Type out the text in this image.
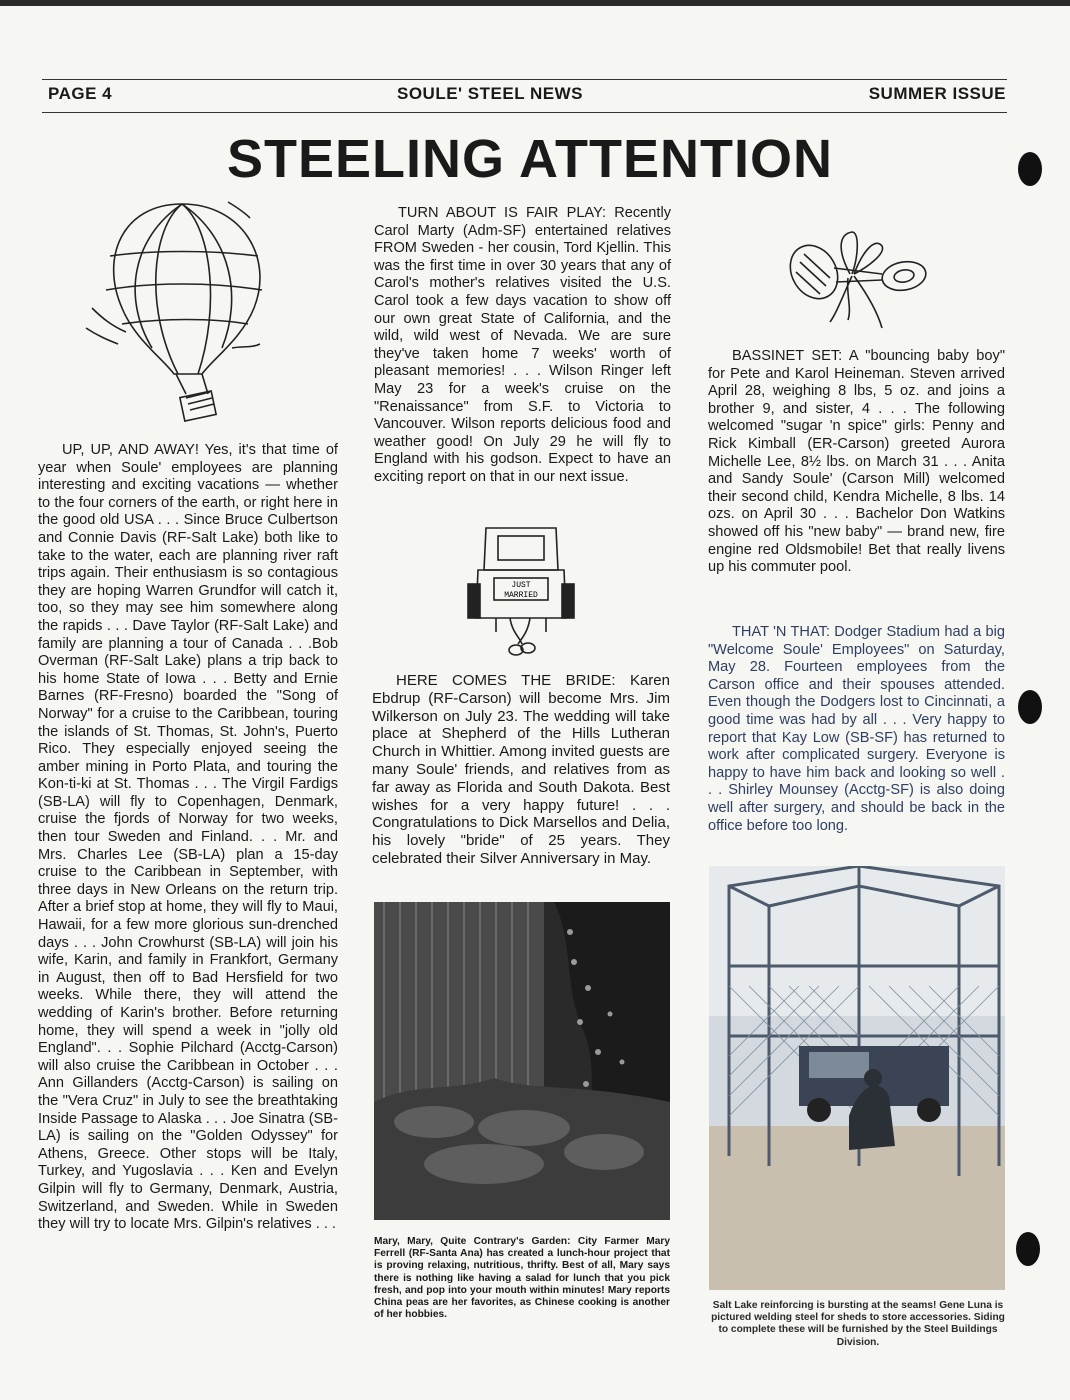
PAGE 4	SOULE' STEEL NEWS	SUMMER ISSUE
STEELING ATTENTION
JUST
MARRIED

UP, UP, AND AWAY! Yes, it's that time of year when Soule' employees are planning interesting and exciting vacations — whether to the four corners of the earth, or right here in the good old USA . . . Since Bruce Culbertson and Connie Davis (RF-Salt Lake) both like to take to the water, each are planning river raft trips again. Their enthusiasm is so contagious they are hoping Warren Grundfor will catch it, too, so they may see him somewhere along the rapids . . . Dave Taylor (RF-Salt Lake) and family are planning a tour of Canada . . .Bob Overman (RF-Salt Lake) plans a trip back to his home State of Iowa . . . Betty and Ernie Barnes (RF-Fresno) boarded the "Song of Norway" for a cruise to the Caribbean, touring the islands of St. Thomas, St. John's, Puerto Rico. They especially enjoyed seeing the amber mining in Porto Plata, and touring the Kon-ti-ki at St. Thomas . . . The Virgil Fardigs (SB-LA) will fly to Copenhagen, Denmark, cruise the fjords of Norway for two weeks, then tour Sweden and Finland. . . Mr. and Mrs. Charles Lee (SB-LA) plan a 15-day cruise to the Caribbean in September, with three days in New Orleans on the return trip. After a brief stop at home, they will fly to Maui, Hawaii, for a few more glorious sun-drenched days . . . John Crowhurst (SB-LA) will join his wife, Karin, and family in Frankfort, Germany in August, then off to Bad Hersfield for two weeks. While there, they will attend the wedding of Karin's brother. Before returning home, they will spend a week in "jolly old England". . . Sophie Pilchard (Acctg-Carson) will also cruise the Caribbean in October . . . Ann Gillanders (Acctg-Carson) is sailing on the "Vera Cruz" in July to see the breathtaking Inside Passage to Alaska . . . Joe Sinatra (SB-LA) is sailing on the "Golden Odyssey" for Athens, Greece. Other stops will be Italy, Turkey, and Yugoslavia . . . Ken and Evelyn Gilpin will fly to Germany, Denmark, Austria, Switzerland, and Sweden. While in Sweden they will try to locate Mrs. Gilpin's relatives . . .

TURN ABOUT IS FAIR PLAY: Recently Carol Marty (Adm-SF) entertained relatives FROM Sweden - her cousin, Tord Kjellin. This was the first time in over 30 years that any of Carol's mother's relatives visited the U.S. Carol took a few days vacation to show off our own great State of California, and the wild, wild west of Nevada. We are sure they've taken home 7 weeks' worth of pleasant memories! . . . Wilson Ringer left May 23 for a week's cruise on the "Renaissance" from S.F. to Victoria to Vancouver. Wilson reports delicious food and weather good! On July 29 he will fly to England with his godson. Expect to have an exciting report on that in our next issue.

HERE COMES THE BRIDE: Karen Ebdrup (RF-Carson) will become Mrs. Jim Wilkerson on July 23. The wedding will take place at Shepherd of the Hills Lutheran Church in Whittier. Among invited guests are many Soule' friends, and relatives from as far away as Florida and South Dakota. Best wishes for a very happy future! . . . Congratulations to Dick Marsellos and Delia, his lovely "bride" of 25 years. They celebrated their Silver Anniversary in May.

BASSINET SET: A "bouncing baby boy" for Pete and Karol Heineman. Steven arrived April 28, weighing 8 lbs, 5 oz. and joins a brother 9, and sister, 4 . . . The following welcomed "sugar 'n spice" girls: Penny and Rick Kimball (ER-Carson) greeted Aurora Michelle Lee, 8½ lbs. on March 31 . . . Anita and Sandy Soule' (Carson Mill) welcomed their second child, Kendra Michelle, 8 lbs. 14 ozs. on April 30 . . . Bachelor Don Watkins showed off his "new baby" — brand new, fire engine red Oldsmobile! Bet that really livens up his commuter pool.

THAT 'N THAT: Dodger Stadium had a big "Welcome Soule' Employees" on Saturday, May 28. Fourteen employees from the Carson office and their spouses attended. Even though the Dodgers lost to Cincinnati, a good time was had by all . . . Very happy to report that Kay Low (SB-SF) has returned to work after complicated surgery. Everyone is happy to have him back and looking so well . . . Shirley Mounsey (Acctg-SF) is also doing well after surgery, and should be back in the office before too long.

Mary, Mary, Quite Contrary's Garden: City Farmer Mary Ferrell (RF-Santa Ana) has created a lunch-hour project that is proving relaxing, nutritious, thrifty. Best of all, Mary says there is nothing like having a salad for lunch that you pick fresh, and pop into your mouth within minutes! Mary reports China peas are her favorites, as Chinese cooking is another of her hobbies.
Salt Lake reinforcing is bursting at the seams! Gene Luna is pictured welding steel for sheds to store accessories. Siding to complete these will be furnished by the Steel Buildings Division.
